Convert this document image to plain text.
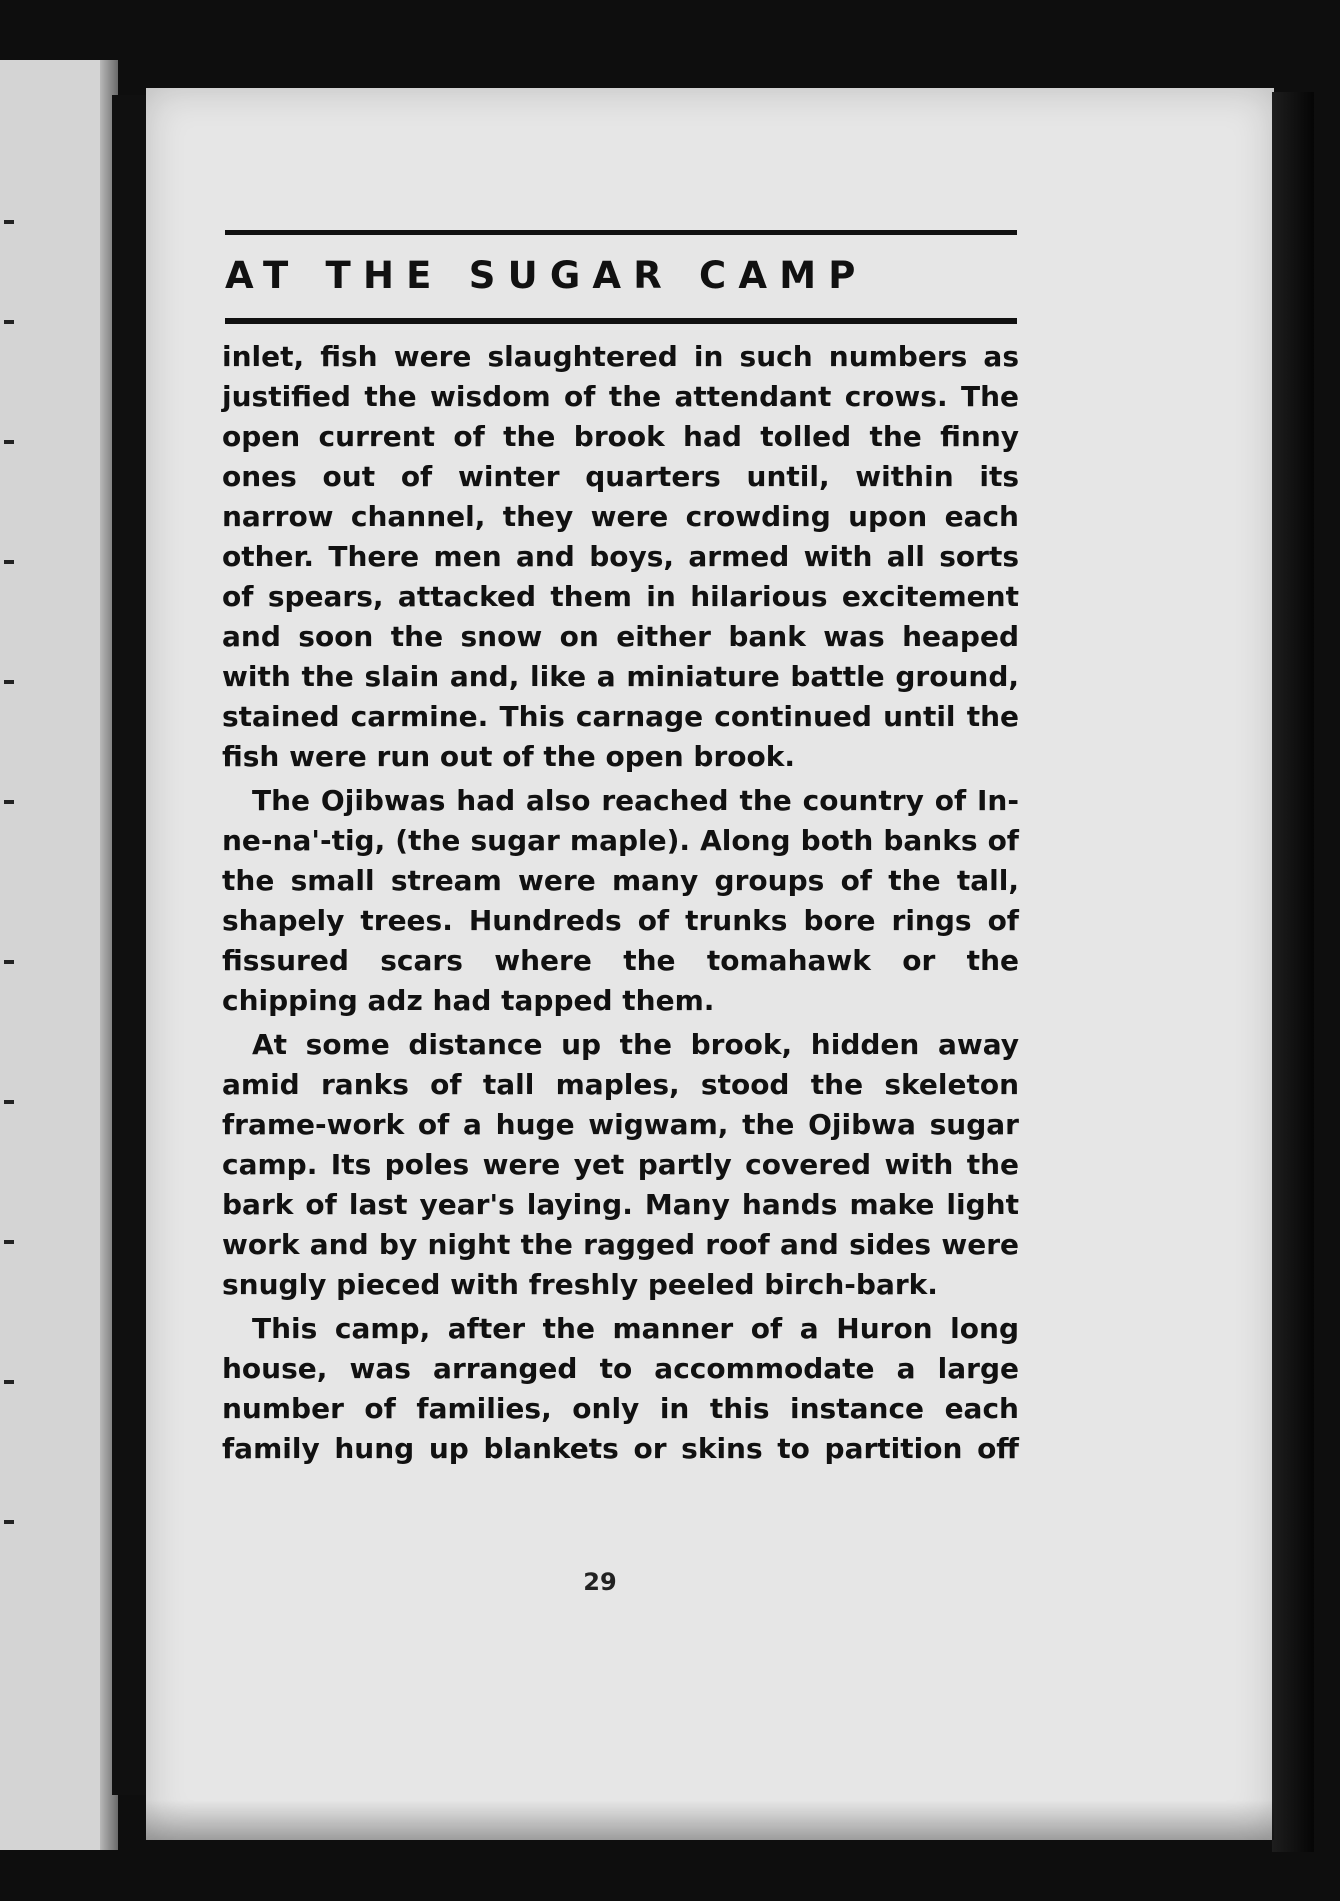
AT THE SUGAR CAMP

inlet, fish were slaughtered in such numbers as justified the wisdom of the attendant crows. The open current of the brook had tolled the finny ones out of winter quarters until, within its narrow channel, they were crowding upon each other. There men and boys, armed with all sorts of spears, attacked them in hilarious excitement and soon the snow on either bank was heaped with the slain and, like a miniature battle ground, stained carmine. This carnage continued until the fish were run out of the open brook.

The Ojibwas had also reached the country of In-ne-na'-tig, (the sugar maple). Along both banks of the small stream were many groups of the tall, shapely trees. Hundreds of trunks bore rings of fissured scars where the tomahawk or the chipping adz had tapped them.

At some distance up the brook, hidden away amid ranks of tall maples, stood the skeleton frame-work of a huge wigwam, the Ojibwa sugar camp. Its poles were yet partly covered with the bark of last year's laying. Many hands make light work and by night the ragged roof and sides were snugly pieced with freshly peeled birch-bark.

This camp, after the manner of a Huron long house, was arranged to accommodate a large number of families, only in this instance each family hung up blankets or skins to partition off

29
